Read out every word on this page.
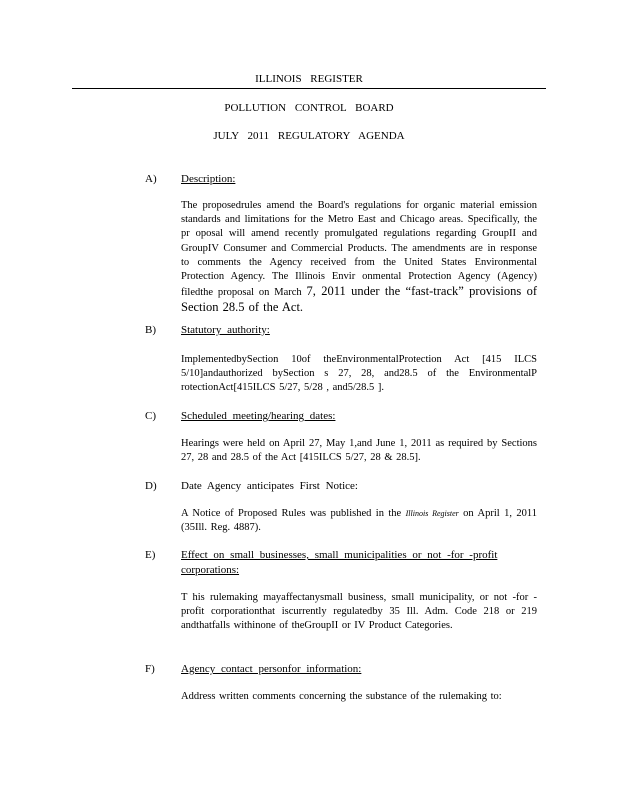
ILLINOIS REGISTER
POLLUTION CONTROL BOARD
JULY 2011 REGULATORY AGENDA
A) Description:
The proposedrules amend the Board's regulations for organic material emission standards and limitations for the Metro East and Chicago areas. Specifically, the pr oposal will amend recently promulgated regulations regarding GroupII and GroupIV Consumer and Commercial Products. The amendments are in response to comments the Agency received from the United States Environmental Protection Agency. The Illinois Envir onmental Protection Agency (Agency) filedthe proposal on March 7, 2011 under the “fast-track” provisions of Section 28.5 of the Act.
B) Statutory authority:
ImplementedbySection 10of theEnvironmentalProtection Act [415 ILCS 5/10]andauthorized bySection s 27, 28, and28.5 of the EnvironmentalP rotectionAct[415ILCS 5/27, 5/28 , and5/28.5 ].
C) Scheduled meeting/hearing dates:
Hearings were held on April 27, May 1,and June 1, 2011 as required by Sections 27, 28 and 28.5 of the Act [415ILCS 5/27, 28 & 28.5].
D) Date Agency anticipates First Notice:
A Notice of Proposed Rules was published in the Illinois Register on April 1, 2011 (35Ill. Reg. 4887).
E) Effect on small businesses, small municipalities or not -for -profit
corporations:
T his rulemaking mayaffectanysmall business, small municipality, or not -for -profit corporationthat iscurrently regulatedby 35 Ill. Adm. Code 218 or 219 andthatfalls withinone of theGroupII or IV Product Categories.
F) Agency contact personfor information:
Address written comments concerning the substance of the rulemaking to:
